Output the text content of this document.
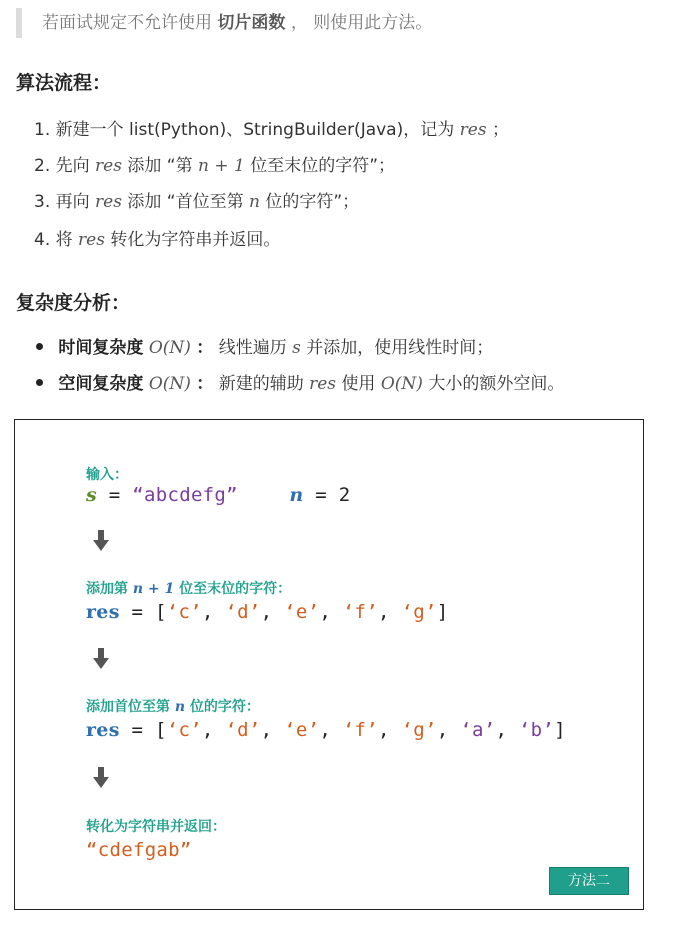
若面试规定不允许使用 切片函数 ， 则使用此方法。
算法流程：
1. 新建一个 list(Python)、StringBuilder(Java)，记为 res ；
2. 先向 res 添加 “第 n + 1 位至末位的字符”；
3. 再向 res 添加 “首位至第 n 位的字符”；
4. 将 res 转化为字符串并返回。
复杂度分析：
时间复杂度 O(N) ： 线性遍历 s 并添加，使用线性时间；
空间复杂度 O(N) ： 新建的辅助 res 使用 O(N) 大小的额外空间。
输入：
s = “abcdefg”	n = 2
添加第 n + 1 位至末位的字符：
res = [‘c’, ‘d’, ‘e’, ‘f’, ‘g’]
添加首位至第 n 位的字符：
res = [‘c’, ‘d’, ‘e’, ‘f’, ‘g’, ‘a’, ‘b’]
转化为字符串并返回：
“cdefgab”
方法二
